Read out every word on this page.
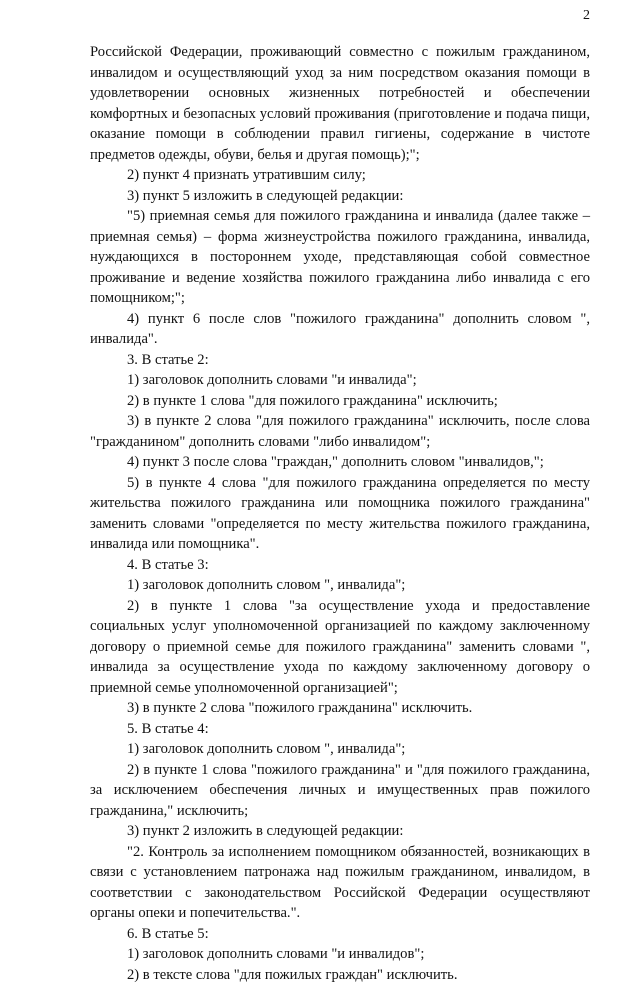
2

Российской Федерации, проживающий совместно с пожилым гражданином, инвалидом и осуществляющий уход за ним посредством оказания помощи в удовлетворении основных жизненных потребностей и обеспечении комфортных и безопасных условий проживания (приготовление и подача пищи, оказание помощи в соблюдении правил гигиены, содержание в чистоте предметов одежды, обуви, белья и другая помощь);";

2) пункт 4 признать утратившим силу;

3) пункт 5 изложить в следующей редакции:

"5) приемная семья для пожилого гражданина и инвалида (далее также – приемная семья) – форма жизнеустройства пожилого гражданина, инвалида, нуждающихся в постороннем уходе, представляющая собой совместное проживание и ведение хозяйства пожилого гражданина либо инвалида с его помощником;";

4) пункт 6 после слов "пожилого гражданина" дополнить словом ", инвалида".

3. В статье 2:

1) заголовок дополнить словами "и инвалида";

2) в пункте 1 слова "для пожилого гражданина" исключить;

3) в пункте 2 слова "для пожилого гражданина" исключить, после слова "гражданином" дополнить словами "либо инвалидом";

4) пункт 3 после слова "граждан," дополнить словом "инвалидов,";

5) в пункте 4 слова "для пожилого гражданина определяется по месту жительства пожилого гражданина или помощника пожилого гражданина" заменить словами "определяется по месту жительства пожилого гражданина, инвалида или помощника".

4. В статье 3:

1) заголовок дополнить словом ", инвалида";

2) в пункте 1 слова "за осуществление ухода и предоставление социальных услуг уполномоченной организацией по каждому заключенному договору о приемной семье для пожилого гражданина" заменить словами ", инвалида за осуществление ухода по каждому заключенному договору о приемной семье уполномоченной организацией";

3) в пункте 2 слова "пожилого гражданина" исключить.

5. В статье 4:

1) заголовок дополнить словом ", инвалида";

2) в пункте 1 слова "пожилого гражданина" и "для пожилого гражданина, за исключением обеспечения личных и имущественных прав пожилого гражданина," исключить;

3) пункт 2 изложить в следующей редакции:

"2. Контроль за исполнением помощником обязанностей, возникающих в связи с установлением патронажа над пожилым гражданином, инвалидом, в соответствии с законодательством Российской Федерации осуществляют органы опеки и попечительства.".

6. В статье 5:

1) заголовок дополнить словами "и инвалидов";

2) в тексте слова "для пожилых граждан" исключить.
